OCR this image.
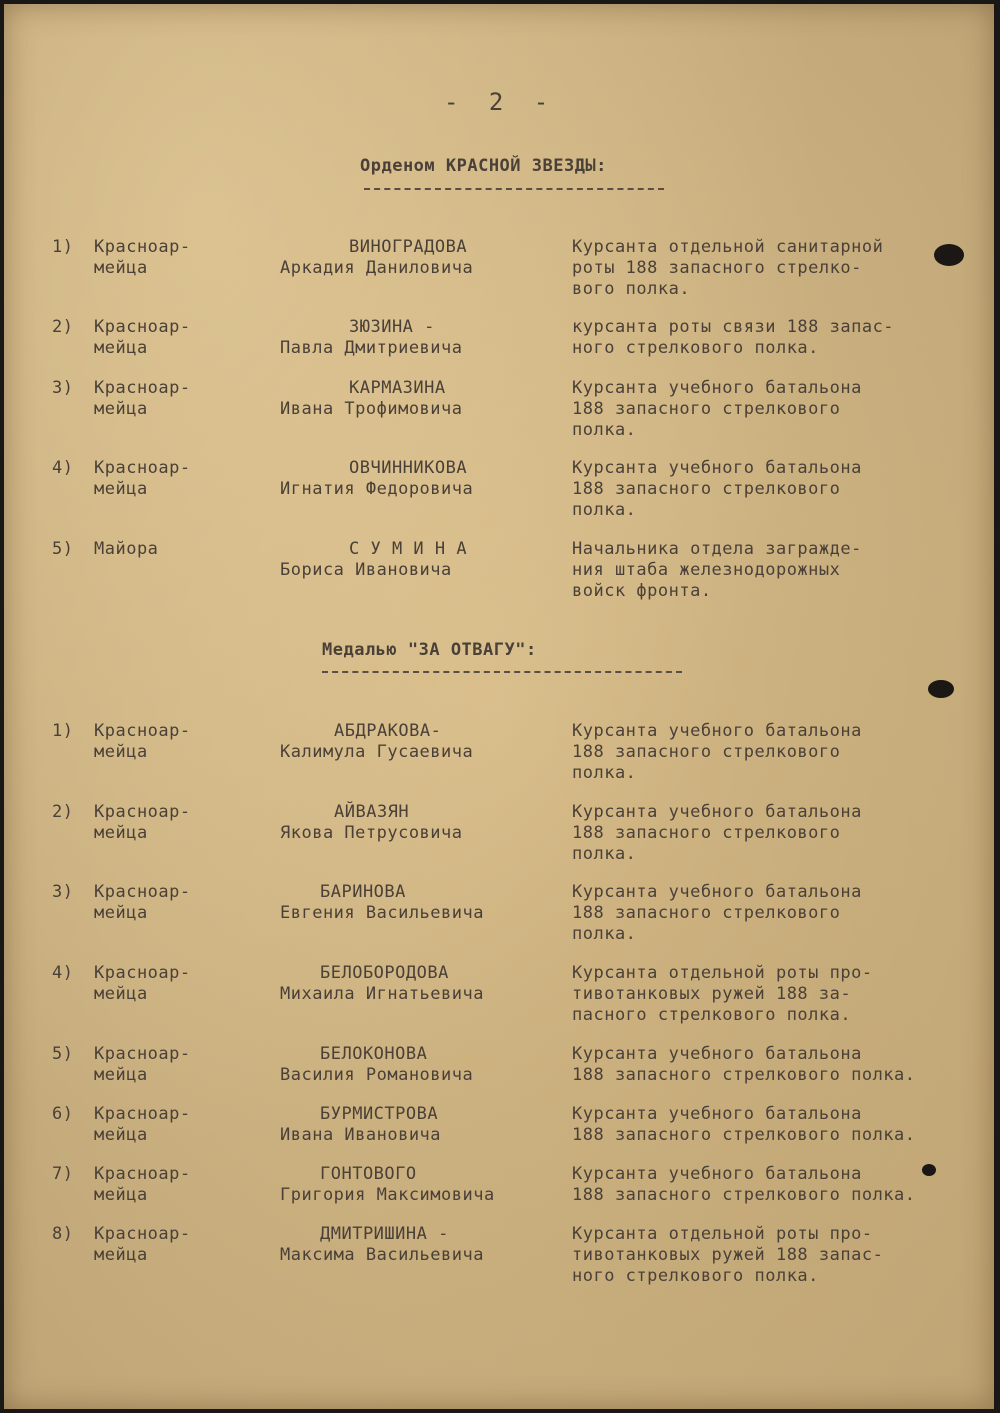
- 2 -
Орденом КРАСНОЙ ЗВЕЗДЫ:
1) Красноар-
мейца
ВИНОГРАДОВА
Аркадия Даниловича
Курсанта отдельной санитарной
роты 188 запасного стрелко-
вого полка.
2) Красноар-
мейца
ЗЮЗИНА -
Павла Дмитриевича
курсанта роты связи 188 запас-
ного стрелкового полка.
3) Красноар-
мейца
КАРМАЗИНА
Ивана Трофимовича
Курсанта учебного батальона
188 запасного стрелкового
полка.
4) Красноар-
мейца
ОВЧИННИКОВА
Игнатия Федоровича
Курсанта учебного батальона
188 запасного стрелкового
полка.
5) Майора	С У М И Н А
Бориса Ивановича
Начальника отдела заграждe-
ния штаба железнодорожных
войск фронта.
Медалью "ЗА ОТВАГУ":
1) Красноар-
мейца
АБДРАКОВА-
Калимула Гусаевича
Курсанта учебного батальона
188 запасного стрелкового
полка.
2) Красноар-
мейца
АЙВАЗЯН
Якова Петрусовича
Курсанта учебного батальона
188 запасного стрелкового
полка.
3) Красноар-
мейца
БАРИНОВА
Евгения Васильевича
Курсанта учебного батальона
188 запасного стрелкового
полка.
4) Красноар-
мейца
БЕЛОБОРОДОВА
Михаила Игнатьевича
Курсанта отдельной роты про-
тивотанковых ружей 188 за-
пасного стрелкового полка.
5) Красноар-
мейца
БЕЛОКОНОВА
Василия Романовича
Курсанта учебного батальона
188 запасного стрелкового полка.
6) Красноар-
мейца
БУРМИСТРОВА
Ивана Ивановича
Курсанта учебного батальона
188 запасного стрелкового полка.
7) Красноар-
мейца
ГОНТОВОГО
Григория Максимовича
Курсанта учебного батальона
188 запасного стрелкового полка.
8) Красноар-
мейца
ДМИТРИШИНА -
Максима Васильевича
Курсанта отдельной роты про-
тивотанковых ружей 188 запас-
ного стрелкового полка.
